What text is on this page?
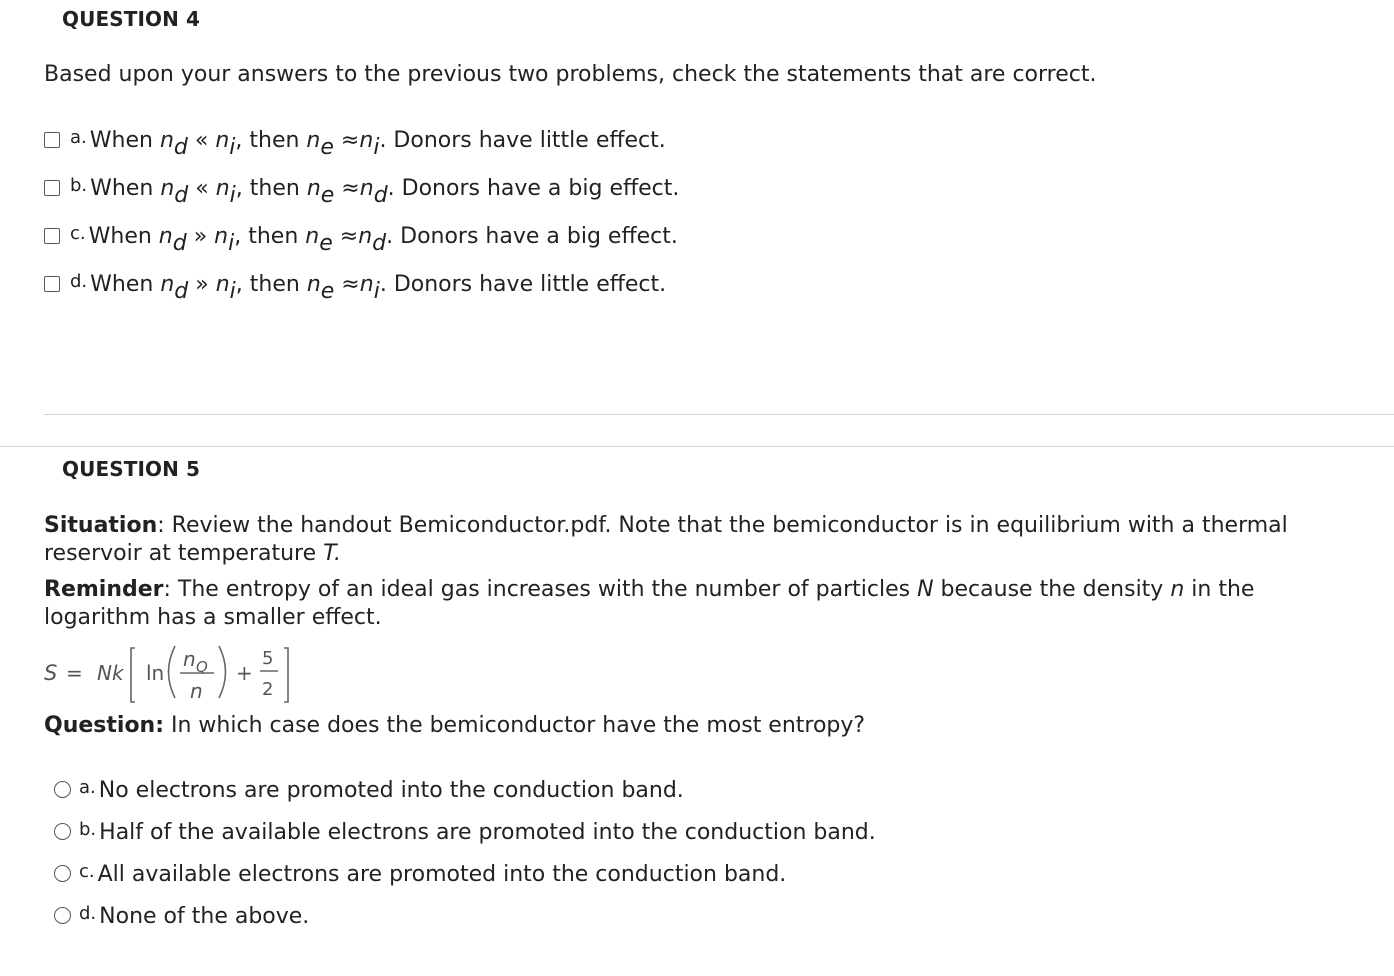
QUESTION 4
Based upon your answers to the previous two problems, check the statements that are correct.
a. When nd « ni, then ne ≈ni. Donors have little effect.
b. When nd « ni, then ne ≈nd. Donors have a big effect.
c. When nd » ni, then ne ≈nd. Donors have a big effect.
d. When nd » ni, then ne ≈ni. Donors have little effect.
QUESTION 5
Situation: Review the handout Bemiconductor.pdf. Note that the bemiconductor is in equilibrium with a thermal
reservoir at temperature T.
Reminder: The entropy of an ideal gas increases with the number of particles N because the density n in the
logarithm has a smaller effect.
S = Nk ln
n Q
n
+
5
2
Question: In which case does the bemiconductor have the most entropy?
a. No electrons are promoted into the conduction band.
b. Half of the available electrons are promoted into the conduction band.
c. All available electrons are promoted into the conduction band.
d. None of the above.
